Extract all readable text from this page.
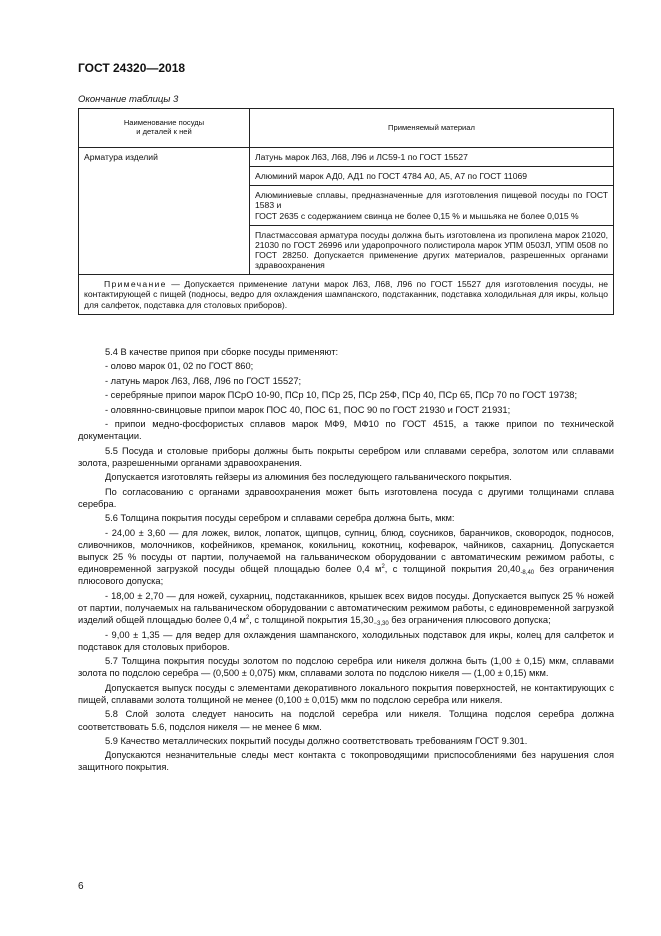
ГОСТ 24320—2018
Окончание таблицы 3
Наименование посуды
и деталей к ней	Применяемый материал
Арматура изделий	Латунь марок Л63, Л68, Л96 и ЛС59-1 по ГОСТ 15527

	Алюминий марок АД0, АД1 по ГОСТ 4784 А0, А5, А7 по ГОСТ 11069

	Алюминиевые сплавы, предназначенные для изготовления пищевой посуды по ГОСТ 1583 и

ГОСТ 2635 с содержанием свинца не более 0,15 % и мышьяка не более 0,015 %

	Пластмассовая арматура посуды должна быть изготовлена из пропилена марок 21020, 21030 по ГОСТ 26996 или ударопрочного полистирола марок УПМ 0503Л, УПМ 0508 по ГОСТ 28250. Допускается применение других материалов, разрешенных органами здравоохранения

Примечание — Допускается применение латуни марок Л63, Л68, Л96 по ГОСТ 15527 для изготовления посуды, не контактирующей с пищей (подносы, ведро для охлаждения шампанского, подстаканник, подставка холодильная для икры, кольцо для салфеток, подставка для столовых приборов).	

5.4 В качестве припоя при сборке посуды применяют:

- олово марок 01, 02 по ГОСТ 860;

- латунь марок Л63, Л68, Л96 по ГОСТ 15527;

- серебряные припои марок ПСрО 10-90, ПСр 10, ПСр 25, ПСр 25Ф, ПСр 40, ПСр 65, ПСр 70 по ГОСТ 19738;

- оловянно-свинцовые припои марок ПОС 40, ПОС 61, ПОС 90 по ГОСТ 21930 и ГОСТ 21931;

- припои медно-фосфористых сплавов марок МФ9, МФ10 по ГОСТ 4515, а также припои по технической документации.

5.5 Посуда и столовые приборы должны быть покрыты серебром или сплавами серебра, золотом или сплавами золота, разрешенными органами здравоохранения.

Допускается изготовлять гейзеры из алюминия без последующего гальванического покрытия.

По согласованию с органами здравоохранения может быть изготовлена посуда с другими толщинами сплава серебра.

5.6 Толщина покрытия посуды серебром и сплавами серебра должна быть, мкм:

- 24,00 ± 3,60 — для ложек, вилок, лопаток, щипцов, супниц, блюд, соусников, баранчиков, сковородок, подносов, сливочников, молочников, кофейников, креманок, кокильниц, кокотниц, кофеварок, чайников, сахарниц. Допускается выпуск 25 % посуды от партии, получаемой на гальваническом оборудовании с автоматическим режимом работы, с единовременной загрузкой посуды общей площадью более 0,4 $м^2$, с толщиной покрытия $20,40_{-8,40}$ без ограничения плюсового допуска;

- 18,00 ± 2,70 — для ножей, сухарниц, подстаканников, крышек всех видов посуды. Допускается выпуск 25 % ножей от партии, получаемых на гальваническом оборудовании с автоматическим режимом работы, с единовременной загрузкой изделий общей площадью более 0,4 $м^2$, с толщиной покрытия $15,30_{-3,30}$ без ограничения плюсового допуска;

- 9,00 ± 1,35 — для ведер для охлаждения шампанского, холодильных подставок для икры, колец для салфеток и подставок для столовых приборов.

5.7 Толщина покрытия посуды золотом по подслою серебра или никеля должна быть (1,00 ± 0,15) мкм, сплавами золота по подслою серебра — (0,500 ± 0,075) мкм, сплавами золота по подслою никеля — (1,00 ± 0,15) мкм.

Допускается выпуск посуды с элементами декоративного локального покрытия поверхностей, не контактирующих с пищей, сплавами золота толщиной не менее (0,100 ± 0,015) мкм по подслою серебра или никеля.

5.8 Слой золота следует наносить на подслой серебра или никеля. Толщина подслоя серебра должна соответствовать 5.6, подслоя никеля — не менее 6 мкм.

5.9 Качество металлических покрытий посуды должно соответствовать требованиям ГОСТ 9.301.

Допускаются незначительные следы мест контакта с токопроводящими приспособлениями без нарушения слоя защитного покрытия.

6
